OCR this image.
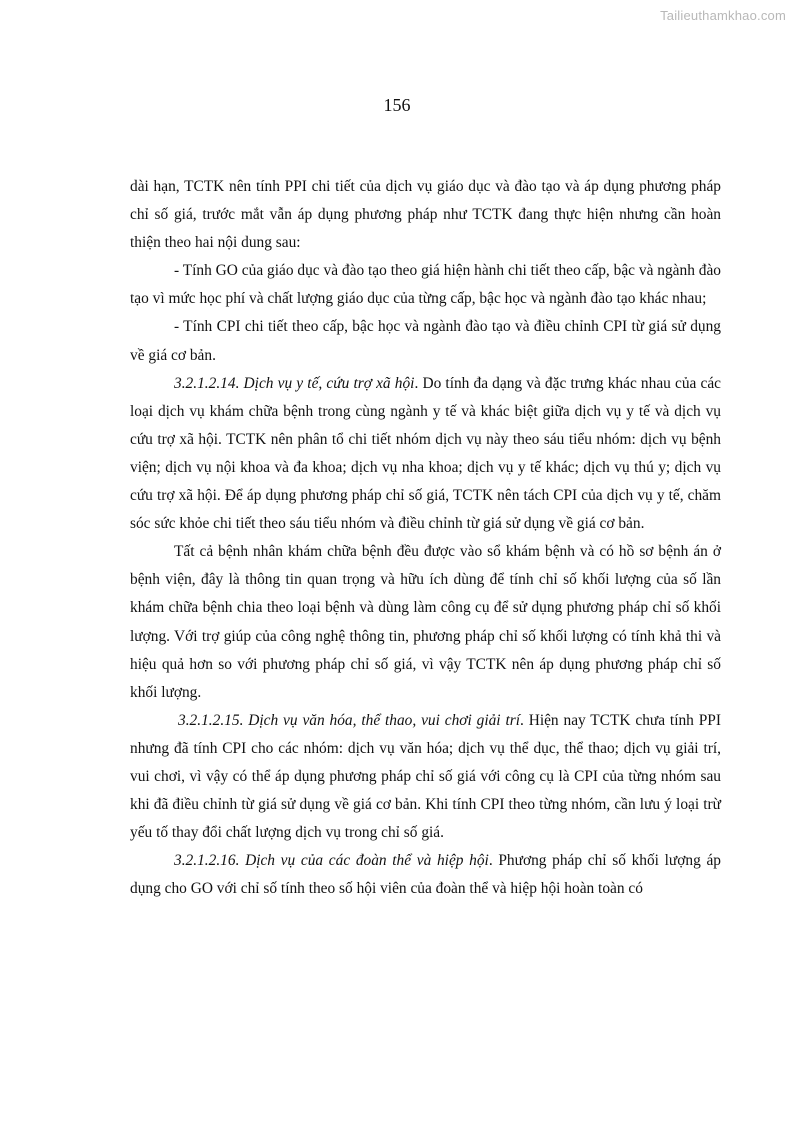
Tailieuthamkhao.com
156

dài hạn, TCTK nên tính PPI chi tiết của dịch vụ giáo dục và đào tạo và áp dụng phương pháp chỉ số giá, trước mắt vẫn áp dụng phương pháp như TCTK đang thực hiện nhưng cần hoàn thiện theo hai nội dung sau:

- Tính GO của giáo dục và đào tạo theo giá hiện hành chi tiết theo cấp, bậc và ngành đào tạo vì mức học phí và chất lượng giáo dục của từng cấp, bậc học và ngành đào tạo khác nhau;

- Tính CPI chi tiết theo cấp, bậc học và ngành đào tạo và điều chỉnh CPI từ giá sử dụng về giá cơ bản.

3.2.1.2.14. Dịch vụ y tế, cứu trợ xã hội. Do tính đa dạng và đặc trưng khác nhau của các loại dịch vụ khám chữa bệnh trong cùng ngành y tế và khác biệt giữa dịch vụ y tế và dịch vụ cứu trợ xã hội. TCTK nên phân tổ chi tiết nhóm dịch vụ này theo sáu tiểu nhóm: dịch vụ bệnh viện; dịch vụ nội khoa và đa khoa; dịch vụ nha khoa; dịch vụ y tế khác; dịch vụ thú y; dịch vụ cứu trợ xã hội. Để áp dụng phương pháp chỉ số giá, TCTK nên tách CPI của dịch vụ y tế, chăm sóc sức khỏe chi tiết theo sáu tiểu nhóm và điều chỉnh từ giá sử dụng về giá cơ bản.

Tất cả bệnh nhân khám chữa bệnh đều được vào sổ khám bệnh và có hồ sơ bệnh án ở bệnh viện, đây là thông tin quan trọng và hữu ích dùng để tính chỉ số khối lượng của số lần khám chữa bệnh chia theo loại bệnh và dùng làm công cụ để sử dụng phương pháp chỉ số khối lượng. Với trợ giúp của công nghệ thông tin, phương pháp chỉ số khối lượng có tính khả thi và hiệu quả hơn so với phương pháp chỉ số giá, vì vậy TCTK nên áp dụng phương pháp chỉ số khối lượng.

3.2.1.2.15. Dịch vụ văn hóa, thể thao, vui chơi giải trí. Hiện nay TCTK chưa tính PPI nhưng đã tính CPI cho các nhóm: dịch vụ văn hóa; dịch vụ thể dục, thể thao; dịch vụ giải trí, vui chơi, vì vậy có thể áp dụng phương pháp chỉ số giá với công cụ là CPI của từng nhóm sau khi đã điều chỉnh từ giá sử dụng về giá cơ bản. Khi tính CPI theo từng nhóm, cần lưu ý loại trừ yếu tố thay đổi chất lượng dịch vụ trong chỉ số giá.

3.2.1.2.16. Dịch vụ của các đoàn thể và hiệp hội. Phương pháp chỉ số khối lượng áp dụng cho GO với chỉ số tính theo số hội viên của đoàn thể và hiệp hội hoàn toàn có
